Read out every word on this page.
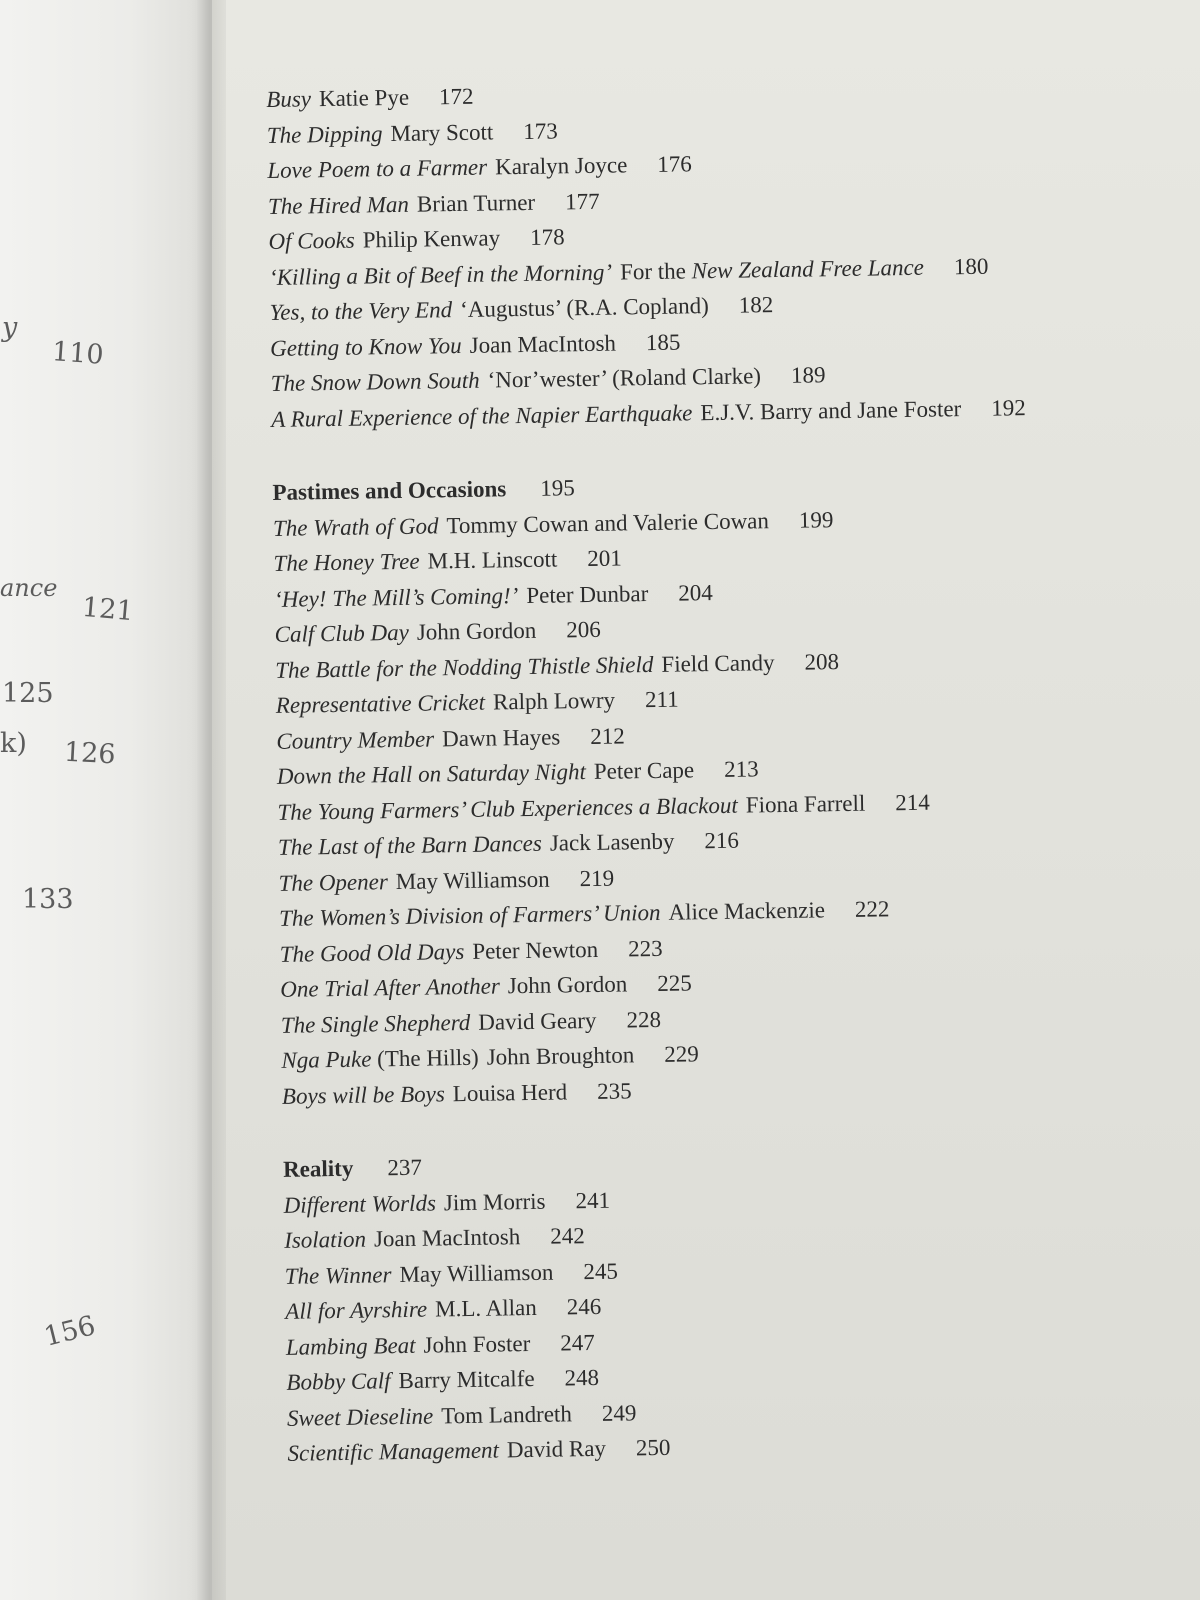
y
110
ance
121
125
k) 126
133
156
Busy Katie Pye 172
The Dipping Mary Scott 173
Love Poem to a Farmer Karalyn Joyce 176
The Hired Man Brian Turner 177
Of Cooks Philip Kenway 178
‘Killing a Bit of Beef in the Morning’ For the New Zealand Free Lance 180
Yes, to the Very End ‘Augustus’ (R.A. Copland) 182
Getting to Know You Joan MacIntosh 185
The Snow Down South ‘Nor’wester’ (Roland Clarke) 189
A Rural Experience of the Napier Earthquake E.J.V. Barry and Jane Foster 192
Pastimes and Occasions 195
The Wrath of God Tommy Cowan and Valerie Cowan 199
The Honey Tree M.H. Linscott 201
‘Hey! The Mill’s Coming!’ Peter Dunbar 204
Calf Club Day John Gordon 206
The Battle for the Nodding Thistle Shield Field Candy 208
Representative Cricket Ralph Lowry 211
Country Member Dawn Hayes 212
Down the Hall on Saturday Night Peter Cape 213
The Young Farmers’ Club Experiences a Blackout Fiona Farrell 214
The Last of the Barn Dances Jack Lasenby 216
The Opener May Williamson 219
The Women’s Division of Farmers’ Union Alice Mackenzie 222
The Good Old Days Peter Newton 223
One Trial After Another John Gordon 225
The Single Shepherd David Geary 228
Nga Puke (The Hills) John Broughton 229
Boys will be Boys Louisa Herd 235
Reality 237
Different Worlds Jim Morris 241
Isolation Joan MacIntosh 242
The Winner May Williamson 245
All for Ayrshire M.L. Allan 246
Lambing Beat John Foster 247
Bobby Calf Barry Mitcalfe 248
Sweet Dieseline Tom Landreth 249
Scientific Management David Ray 250
